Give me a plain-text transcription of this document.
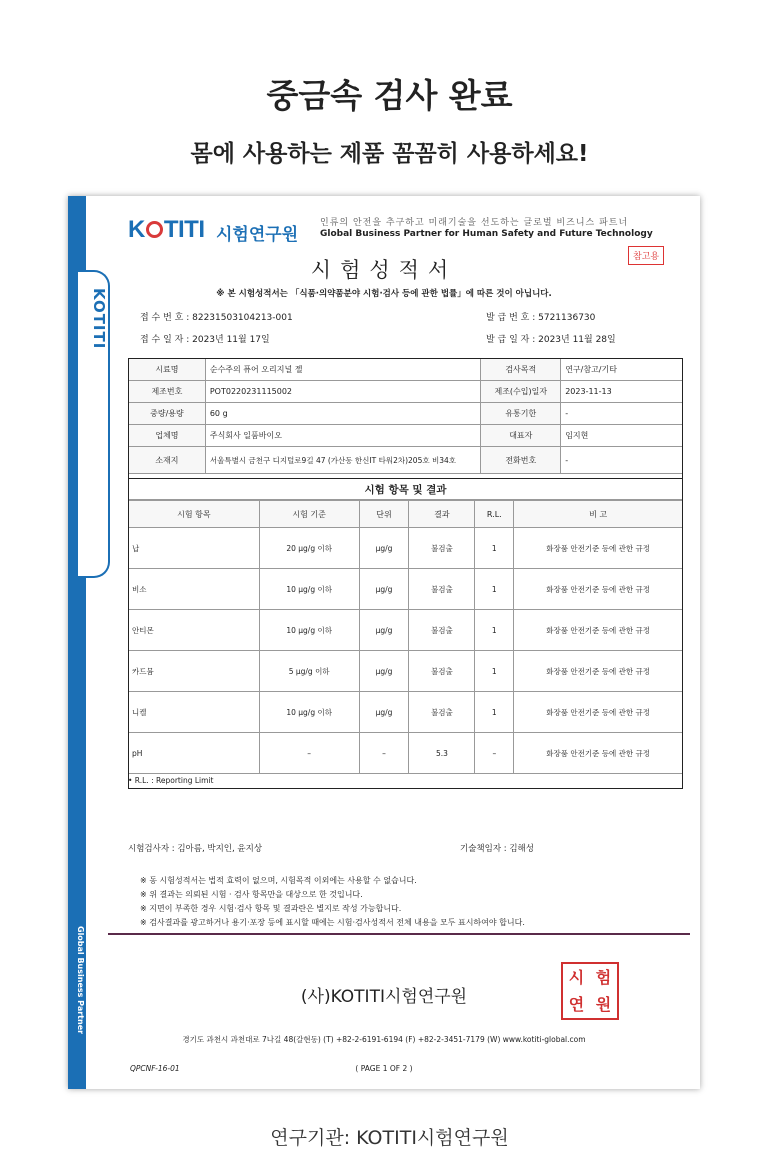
중금속 검사 완료
몸에 사용하는 제품 꼼꼼히 사용하세요!
KOTITI
Global Business Partner
K TITI 시험연구원
인류의 안전을 추구하고 미래기술을 선도하는 글로벌 비즈니스 파트너
Global Business Partner for Human Safety and Future Technology
참고용
시험성적서
※ 본 시험성적서는 「식품·의약품분야 시험·검사 등에 관한 법률」에 따른 것이 아닙니다.
접 수 번 호 : 82231503104213-001
접 수 일 자 : 2023년 11월 17일
발 급 번 호 : 5721136730
발 급 일 자 : 2023년 11월 28일
시료명	순수주의 퓨어 오리지널 젤	검사목적	연구/참고/기타
제조번호	POT0220231115002	제조(수입)일자	2023-11-13
중량/용량	60 g	유통기한	-
업체명	주식회사 일품바이오	대표자	임지현
소재지	서울특별시 금천구 디지털로9길 47 (가산동 한신IT 타워2차)205호 비34호	전화번호	-
시험 항목 및 결과
시험 항목	시험 기준	단위	결과	R.L.	비 고
납	20 μg/g 이하	μg/g	불검출	1	화장품 안전기준 등에 관한 규정
비소	10 μg/g 이하	μg/g	불검출	1	화장품 안전기준 등에 관한 규정
안티몬	10 μg/g 이하	μg/g	불검출	1	화장품 안전기준 등에 관한 규정
카드뮴	5 μg/g 이하	μg/g	불검출	1	화장품 안전기준 등에 관한 규정
니켈	10 μg/g 이하	μg/g	불검출	1	화장품 안전기준 등에 관한 규정
pH	–	–	5.3	–	화장품 안전기준 등에 관한 규정
• R.L. : Reporting Limit
시험검사자 : 김아름, 박지인, 윤지상	기술책임자 : 김해성
※ 동 시험성적서는 법적 효력이 없으며, 시험목적 이외에는 사용할 수 없습니다.
※ 위 결과는 의뢰된 시험 · 검사 항목만을 대상으로 한 것입니다.
※ 지면이 부족한 경우 시험·검사 항목 및 결과란은 별지로 작성 가능합니다.
※ 검사결과를 광고하거나 용기·포장 등에 표시할 때에는 시험·검사성적서 전체 내용을 모두 표시하여야 합니다.
(사)KOTITI시험연구원
시 험
연 원
경기도 과천시 과천대로 7나길 48(갈현동) (T) +82-2-6191-6194 (F) +82-2-3451-7179 (W) www.kotiti-global.com
QPCNF-16-01	( PAGE 1 OF 2 )
연구기관: KOTITI시험연구원
